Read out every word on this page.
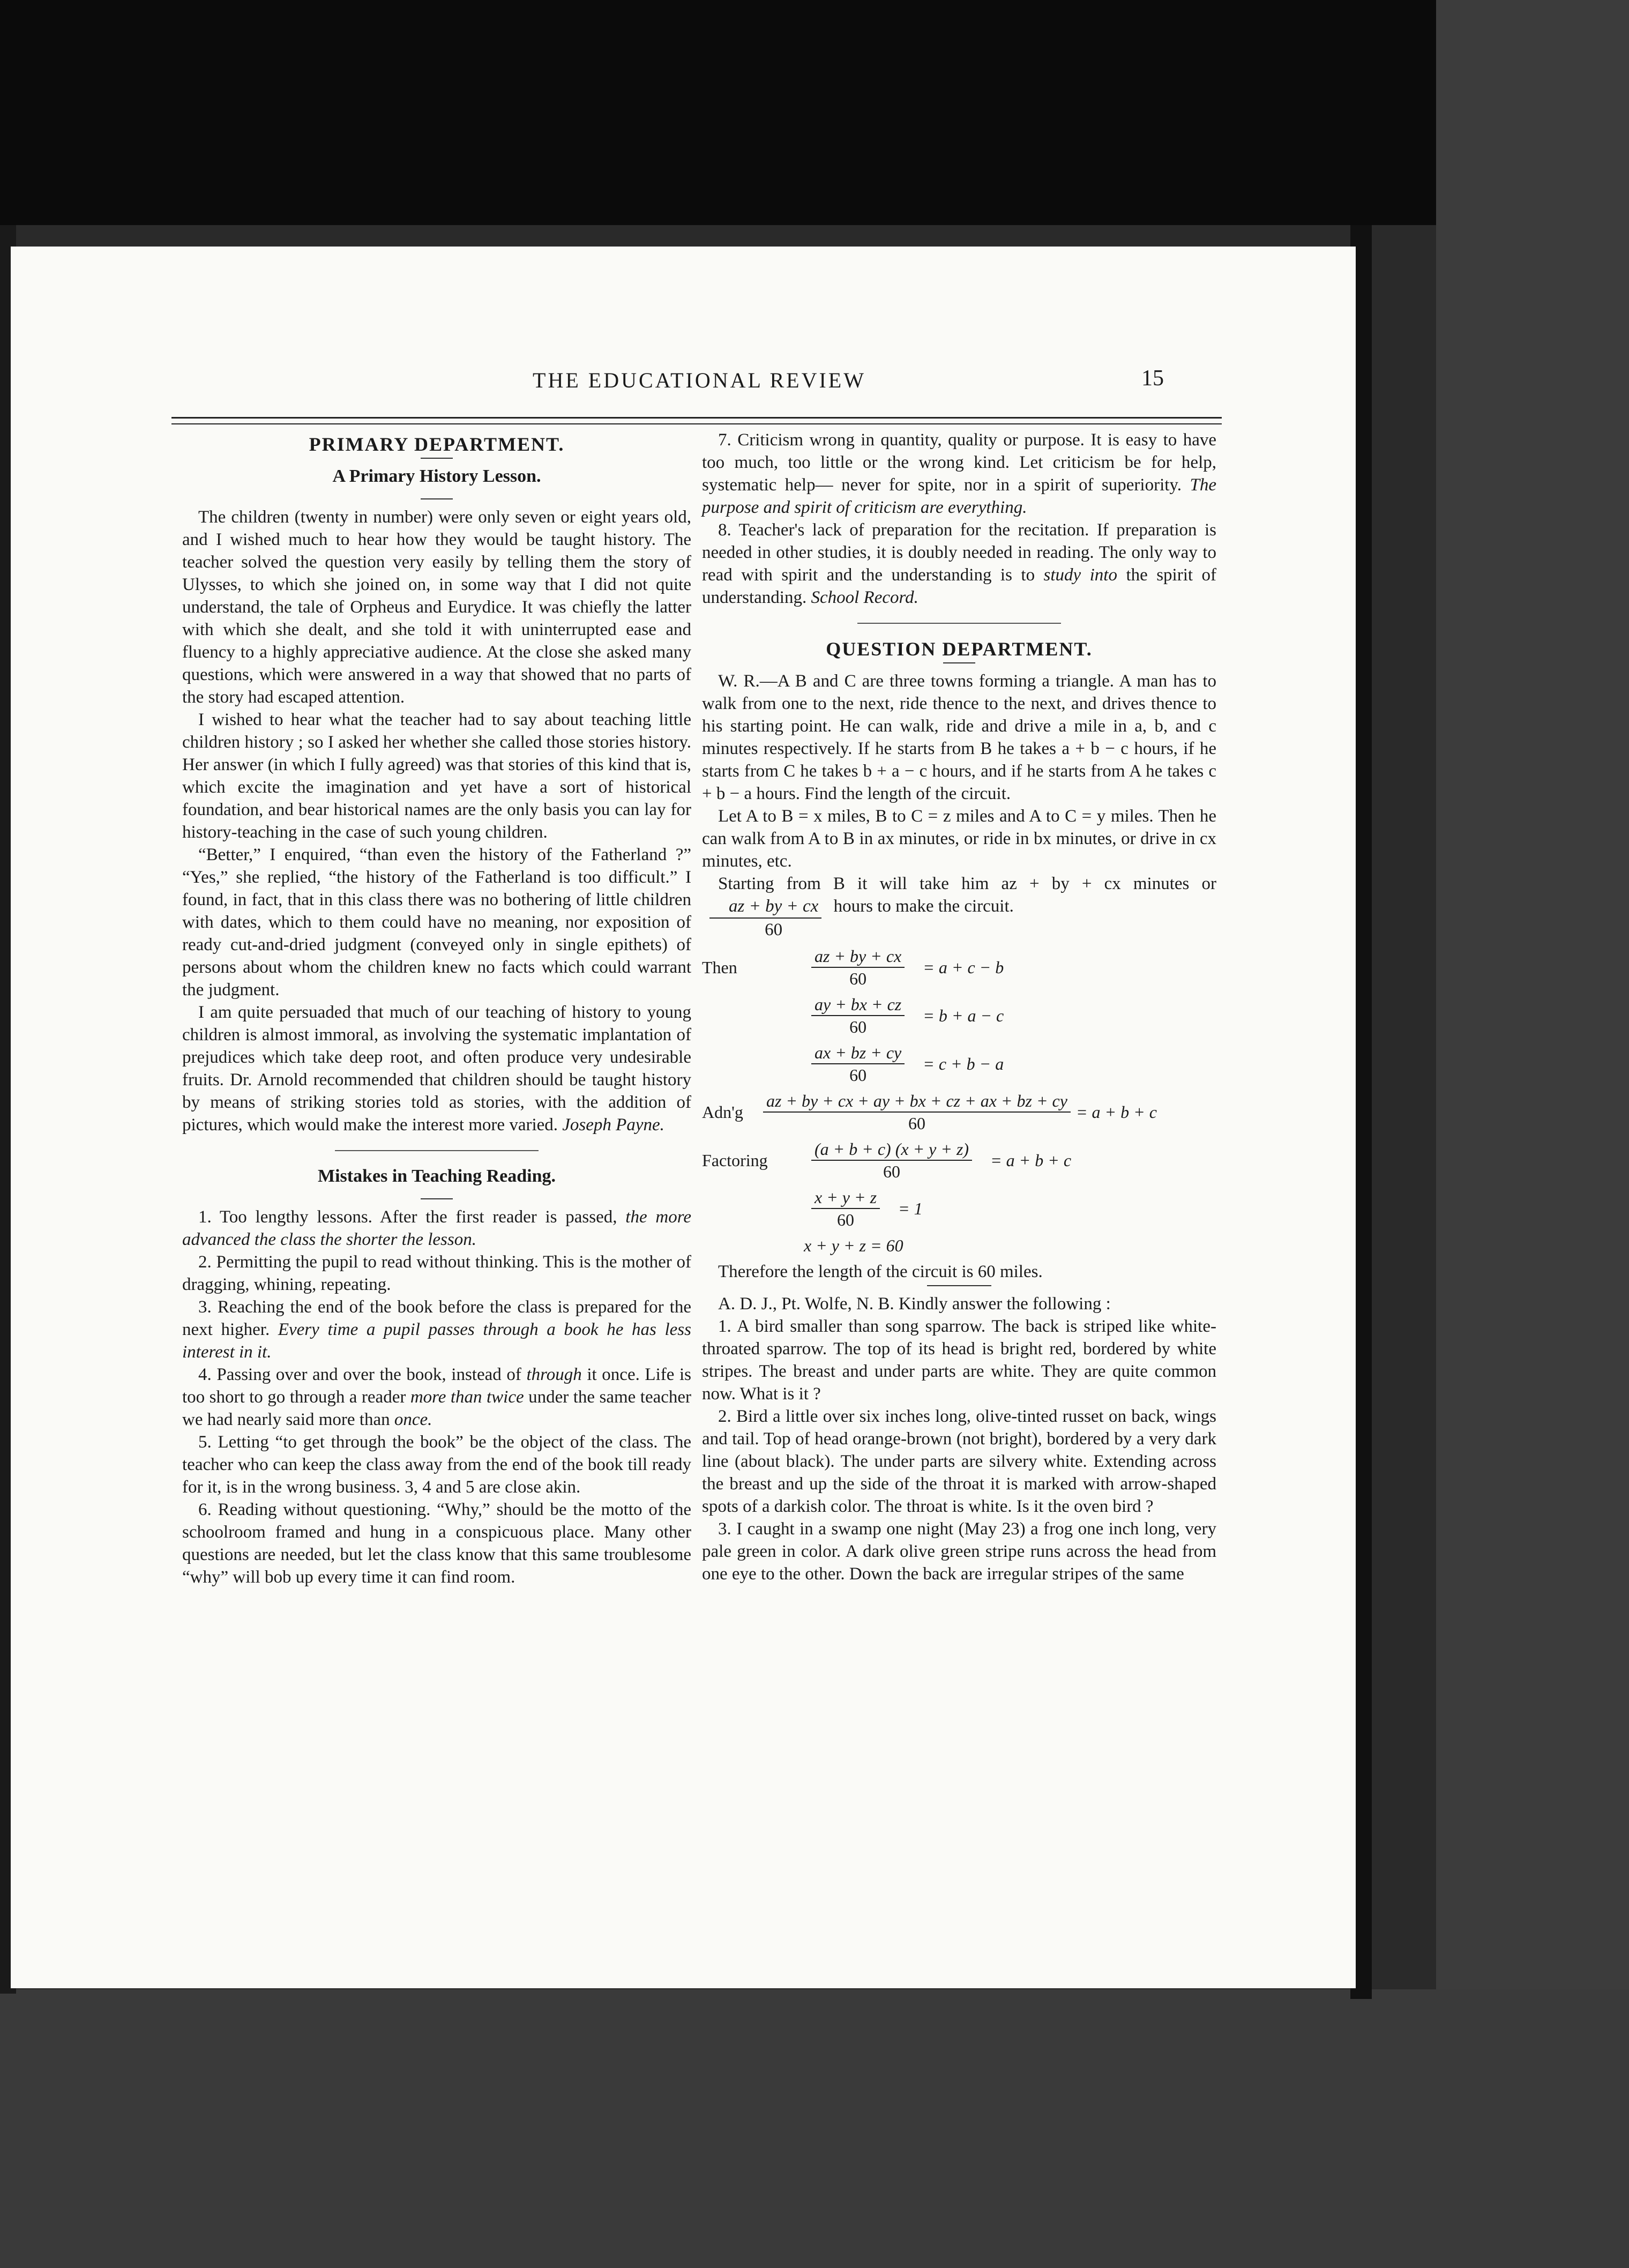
THE EDUCATIONAL REVIEW	15
PRIMARY DEPARTMENT.
A Primary History Lesson.

The children (twenty in number) were only seven or eight years old, and I wished much to hear how they would be taught history. The teacher solved the question very easily by telling them the story of Ulysses, to which she joined on, in some way that I did not quite understand, the tale of Orpheus and Eurydice. It was chiefly the latter with which she dealt, and she told it with uninterrupted ease and fluency to a highly appreciative audience. At the close she asked many questions, which were answered in a way that showed that no parts of the story had escaped attention.

I wished to hear what the teacher had to say about teaching little children history ; so I asked her whether she called those stories history. Her answer (in which I fully agreed) was that stories of this kind that is, which excite the imagination and yet have a sort of historical foundation, and bear historical names are the only basis you can lay for history-teaching in the case of such young children.

“Better,” I enquired, “than even the history of the Fatherland ?” “Yes,” she replied, “the history of the Fatherland is too difficult.” I found, in fact, that in this class there was no bothering of little children with dates, which to them could have no meaning, nor exposition of ready cut-and-dried judgment (conveyed only in single epithets) of persons about whom the children knew no facts which could warrant the judgment.

I am quite persuaded that much of our teaching of history to young children is almost immoral, as involving the systematic implantation of prejudices which take deep root, and often produce very undesirable fruits. Dr. Arnold recommended that children should be taught history by means of striking stories told as stories, with the addition of pictures, which would make the interest more varied. Joseph Payne.

Mistakes in Teaching Reading.

1. Too lengthy lessons. After the first reader is passed, the more advanced the class the shorter the lesson.

2. Permitting the pupil to read without thinking. This is the mother of dragging, whining, repeating.

3. Reaching the end of the book before the class is prepared for the next higher. Every time a pupil passes through a book he has less interest in it.

4. Passing over and over the book, instead of through it once. Life is too short to go through a reader more than twice under the same teacher we had nearly said more than once.

5. Letting “to get through the book” be the object of the class. The teacher who can keep the class away from the end of the book till ready for it, is in the wrong business. 3, 4 and 5 are close akin.

6. Reading without questioning. “Why,” should be the motto of the schoolroom framed and hung in a conspicuous place. Many other questions are needed, but let the class know that this same troublesome “why” will bob up every time it can find room.

7. Criticism wrong in quantity, quality or purpose. It is easy to have too much, too little or the wrong kind. Let criticism be for help, systematic help— never for spite, nor in a spirit of superiority. The purpose and spirit of criticism are everything.

8. Teacher's lack of preparation for the recitation. If preparation is needed in other studies, it is doubly needed in reading. The only way to read with spirit and the understanding is to study into the spirit of understanding. School Record.

QUESTION DEPARTMENT.

W. R.—A B and C are three towns forming a triangle. A man has to walk from one to the next, ride thence to the next, and drives thence to his starting point. He can walk, ride and drive a mile in a, b, and c minutes respectively. If he starts from B he takes a + b − c hours, if he starts from C he takes b + a − c hours, and if he starts from A he takes c + b − a hours. Find the length of the circuit.

Let A to B = x miles, B to C = z miles and A to C = y miles. Then he can walk from A to B in ax minutes, or ride in bx minutes, or drive in cx minutes, etc.

Starting from B it will take him az + by + cx minutes or
$\frac{az + by + cx}{60}$ hours to make the circuit.

Then	$\frac{az + by + cx}{60} = a + c - b$
$\frac{ay + bx + cz}{60} = b + a - c$
$\frac{ax + bz + cy}{60} = c + b - a$
Adn'g	$\frac{az + by + cx + ay + bx + cz + ax + bz + cy}{60} = a + b + c$
Factoring	$\frac{(a + b + c) (x + y + z)}{60} = a + b + c$
$\frac{x + y + z}{60} = 1$
x + y + z = 60

Therefore the length of the circuit is 60 miles.

A. D. J., Pt. Wolfe, N. B. Kindly answer the following :

1. A bird smaller than song sparrow. The back is striped like white-throated sparrow. The top of its head is bright red, bordered by white stripes. The breast and under parts are white. They are quite common now. What is it ?

2. Bird a little over six inches long, olive-tinted russet on back, wings and tail. Top of head orange-brown (not bright), bordered by a very dark line (about black). The under parts are silvery white. Extending across the breast and up the side of the throat it is marked with arrow-shaped spots of a darkish color. The throat is white. Is it the oven bird ?

3. I caught in a swamp one night (May 23) a frog one inch long, very pale green in color. A dark olive green stripe runs across the head from one eye to the other. Down the back are irregular stripes of the same
